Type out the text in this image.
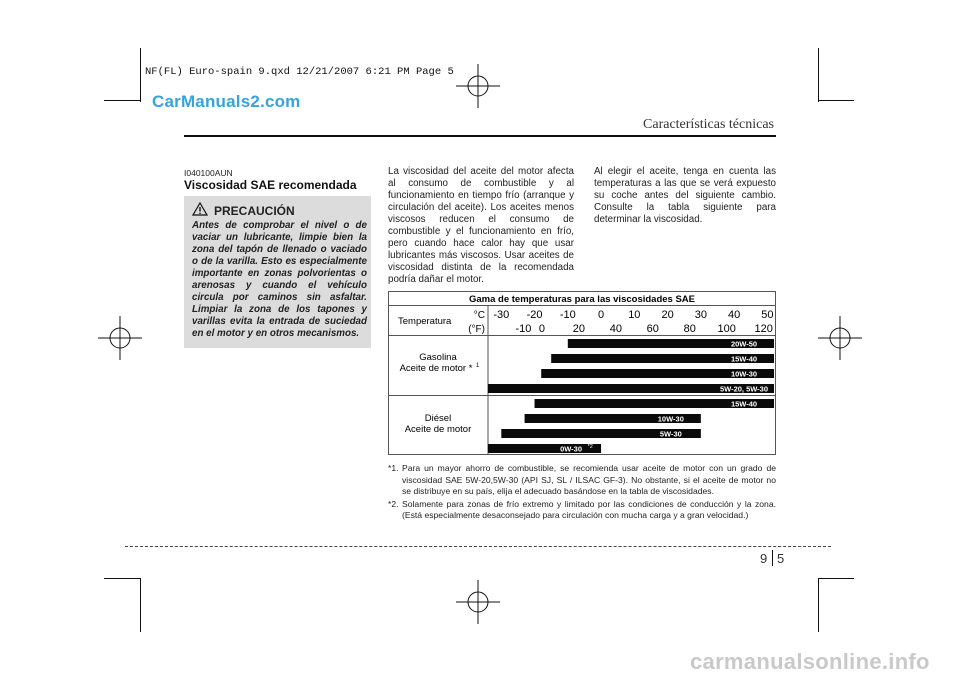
NF(FL) Euro-spain 9.qxd 12/21/2007 6:21 PM Page 5
CarManuals2.com
Características técnicas
I040100AUN
Viscosidad SAE recomendada
PRECAUCIÓN
Antes de comprobar el nivel o de vaciar un lubricante, limpie bien la zona del tapón de llenado o vaciado o de la varilla. Esto es especialmente importante en zonas polvorientas o arenosas y cuando el vehículo circula por caminos sin asfaltar. Limpiar la zona de los tapones y varillas evita la entrada de suciedad en el motor y en otros mecanismos.
La viscosidad del aceite del motor afecta al consumo de combustible y al funcionamiento en tiempo frío (arranque y circulación del aceite). Los aceites menos viscosos reducen el consumo de combustible y el funcionamiento en frío, pero cuando hace calor hay que usar lubricantes más viscosos. Usar aceites de viscosidad distinta de la recomendada podría dañar el motor.
Al elegir el aceite, tenga en cuenta las temperaturas a las que se verá expuesto su coche antes del siguiente cambio. Consulte la tabla siguiente para determinar la viscosidad.
Gama de temperaturas para las viscosidades SAE
Temperatura
°C
(°F)
-30 -20 -10 0 10 20 30 40 50
-10 0	20 40 60 80 100 120
Gasolina
Aceite de motor * 1
Diésel
Aceite de motor
20W-50
15W-40
10W-30
5W-20, 5W-30
15W-40
10W-30
5W-30
0W-30 *2
*1. Para un mayor ahorro de combustible, se recomienda usar aceite de motor con un grado de viscosidad SAE 5W-20,5W-30 (API SJ, SL / ILSAC GF-3). No obstante, si el aceite de motor no se distribuye en su país, elija el adecuado basándose en la tabla de viscosidades.
*2. Solamente para zonas de frío extremo y limitado por las condiciones de conducción y la zona. (Está especialmente desaconsejado para circulación con mucha carga y a gran velocidad.)
9 5
carmanualsonline.info
